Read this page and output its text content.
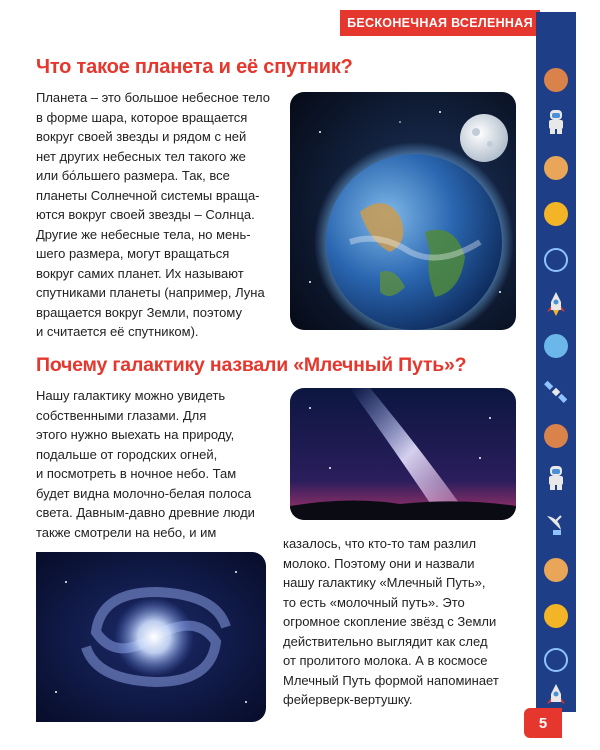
БЕСКОНЕЧНАЯ ВСЕЛЕННАЯ
5
Что такое планета и её спутник?
Планета – это большое небесное тело
в форме шара, которое вращается
вокруг своей звезды и рядом с ней
нет других небесных тел такого же
или бо́льшего размера. Так, все
планеты Солнечной системы враща-
ются вокруг своей звезды – Солнца.
Другие же небесные тела, но мень-
шего размера, могут вращаться
вокруг самих планет. Их называют
спутниками планеты (например, Луна
вращается вокруг Земли, поэтому
и считается её спутником).
Почему галактику назвали «Млечный Путь»?
Нашу галактику можно увидеть
собственными глазами. Для
этого нужно выехать на природу,
подальше от городских огней,
и посмотреть в ночное небо. Там
будет видна молочно-белая полоса
света. Давным-давно древние люди
также смотрели на небо, и им
казалось, что кто-то там разлил
молоко. Поэтому они и назвали
нашу галактику «Млечный Путь»,
то есть «молочный путь». Это
огромное скопление звёзд с Земли
действительно выглядит как след
от пролитого молока. А в космосе
Млечный Путь формой напоминает
фейерверк-вертушку.
